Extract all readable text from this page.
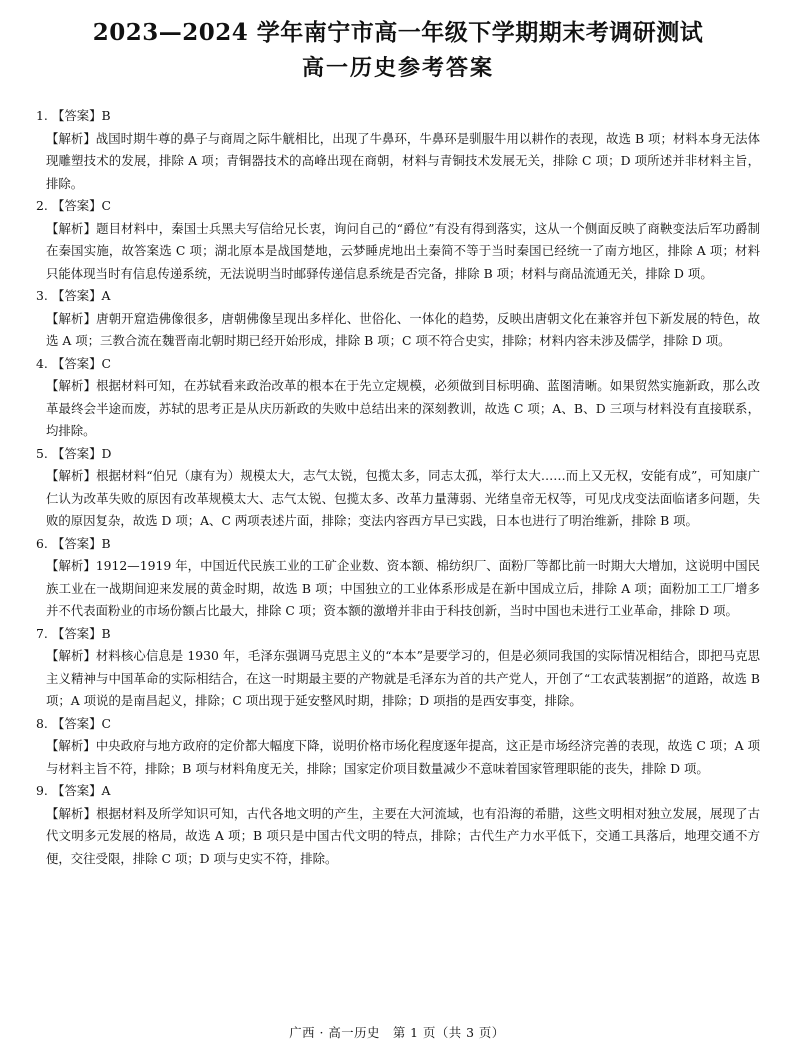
2023—2024 学年南宁市高一年级下学期期末考调研测试
高一历史参考答案

1. 【答案】B

【解析】战国时期牛尊的鼻子与商周之际牛觥相比，出现了牛鼻环，牛鼻环是驯服牛用以耕作的表现，故选 B 项；材料本身无法体现雕塑技术的发展，排除 A 项；青铜器技术的高峰出现在商朝，材料与青铜技术发展无关，排除 C 项；D 项所述并非材料主旨，排除。

2. 【答案】C

【解析】题目材料中，秦国士兵黑夫写信给兄长衷，询问自己的“爵位”有没有得到落实，这从一个侧面反映了商鞅变法后军功爵制在秦国实施，故答案选 C 项；湖北原本是战国楚地，云梦睡虎地出土秦简不等于当时秦国已经统一了南方地区，排除 A 项；材料只能体现当时有信息传递系统，无法说明当时邮驿传递信息系统是否完备，排除 B 项；材料与商品流通无关，排除 D 项。

3. 【答案】A

【解析】唐朝开窟造佛像很多，唐朝佛像呈现出多样化、世俗化、一体化的趋势，反映出唐朝文化在兼容并包下新发展的特色，故选 A 项；三教合流在魏晋南北朝时期已经开始形成，排除 B 项；C 项不符合史实，排除；材料内容未涉及儒学，排除 D 项。

4. 【答案】C

【解析】根据材料可知，在苏轼看来政治改革的根本在于先立定规模，必须做到目标明确、蓝图清晰。如果贸然实施新政，那么改革最终会半途而废，苏轼的思考正是从庆历新政的失败中总结出来的深刻教训，故选 C 项；A、B、D 三项与材料没有直接联系，均排除。

5. 【答案】D

【解析】根据材料“伯兄（康有为）规模太大，志气太锐，包揽太多，同志太孤，举行太大……而上又无权，安能有成”，可知康广仁认为改革失败的原因有改革规模太大、志气太锐、包揽太多、改革力量薄弱、光绪皇帝无权等，可见戊戌变法面临诸多问题，失败的原因复杂，故选 D 项；A、C 两项表述片面，排除；变法内容西方早已实践，日本也进行了明治维新，排除 B 项。

6. 【答案】B

【解析】1912—1919 年，中国近代民族工业的工矿企业数、资本额、棉纺织厂、面粉厂等都比前一时期大大增加，这说明中国民族工业在一战期间迎来发展的黄金时期，故选 B 项；中国独立的工业体系形成是在新中国成立后，排除 A 项；面粉加工工厂增多并不代表面粉业的市场份额占比最大，排除 C 项；资本额的激增并非由于科技创新，当时中国也未进行工业革命，排除 D 项。

7. 【答案】B

【解析】材料核心信息是 1930 年，毛泽东强调马克思主义的“本本”是要学习的，但是必须同我国的实际情况相结合，即把马克思主义精神与中国革命的实际相结合，在这一时期最主要的产物就是毛泽东为首的共产党人，开创了“工农武装割据”的道路，故选 B 项；A 项说的是南昌起义，排除；C 项出现于延安整风时期，排除；D 项指的是西安事变，排除。

8. 【答案】C

【解析】中央政府与地方政府的定价都大幅度下降，说明价格市场化程度逐年提高，这正是市场经济完善的表现，故选 C 项；A 项与材料主旨不符，排除；B 项与材料角度无关，排除；国家定价项目数量减少不意味着国家管理职能的丧失，排除 D 项。

9. 【答案】A

【解析】根据材料及所学知识可知，古代各地文明的产生，主要在大河流域，也有沿海的希腊，这些文明相对独立发展，展现了古代文明多元发展的格局，故选 A 项；B 项只是中国古代文明的特点，排除；古代生产力水平低下，交通工具落后，地理交通不方便，交往受限，排除 C 项；D 项与史实不符，排除。

广西 · 高一历史　第 1 页（共 3 页）
